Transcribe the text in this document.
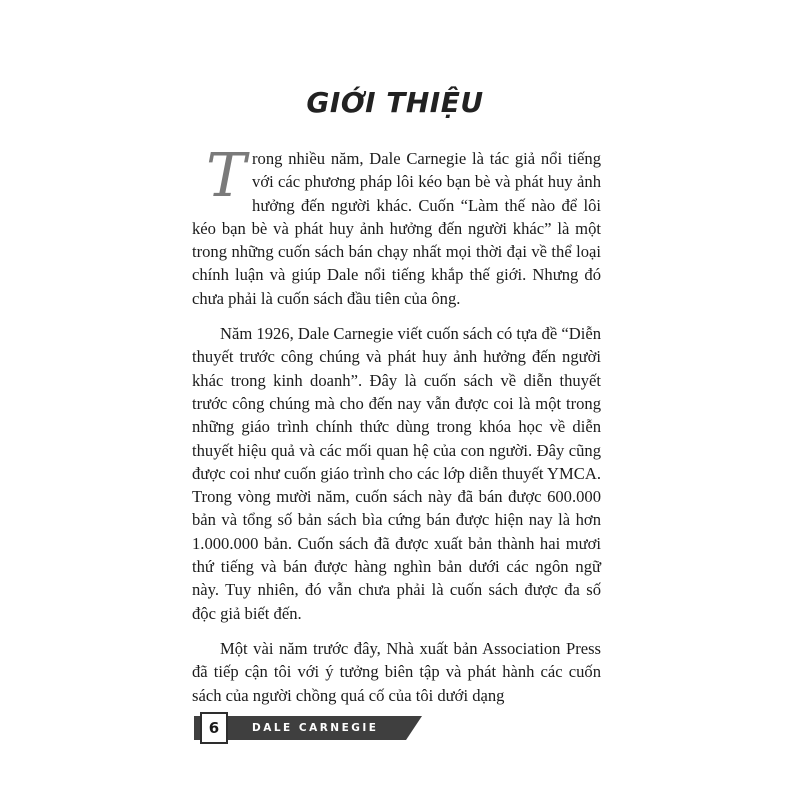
GIỚI THIỆU

Trong nhiều năm, Dale Carnegie là tác giả nổi tiếng với các phương pháp lôi kéo bạn bè và phát huy ảnh hưởng đến người khác. Cuốn “Làm thế nào để lôi kéo bạn bè và phát huy ảnh hưởng đến người khác” là một trong những cuốn sách bán chạy nhất mọi thời đại về thể loại chính luận và giúp Dale nổi tiếng khắp thế giới. Nhưng đó chưa phải là cuốn sách đầu tiên của ông.

Năm 1926, Dale Carnegie viết cuốn sách có tựa đề “Diễn thuyết trước công chúng và phát huy ảnh hưởng đến người khác trong kinh doanh”. Đây là cuốn sách về diễn thuyết trước công chúng mà cho đến nay vẫn được coi là một trong những giáo trình chính thức dùng trong khóa học về diễn thuyết hiệu quả và các mối quan hệ của con người. Đây cũng được coi như cuốn giáo trình cho các lớp diễn thuyết YMCA. Trong vòng mười năm, cuốn sách này đã bán được 600.000 bản và tổng số bản sách bìa cứng bán được hiện nay là hơn 1.000.000 bản. Cuốn sách đã được xuất bản thành hai mươi thứ tiếng và bán được hàng nghìn bản dưới các ngôn ngữ này. Tuy nhiên, đó vẫn chưa phải là cuốn sách được đa số độc giả biết đến.

Một vài năm trước đây, Nhà xuất bản Association Press đã tiếp cận tôi với ý tưởng biên tập và phát hành các cuốn sách của người chồng quá cố của tôi dưới dạng

6	DALE CARNEGIE
